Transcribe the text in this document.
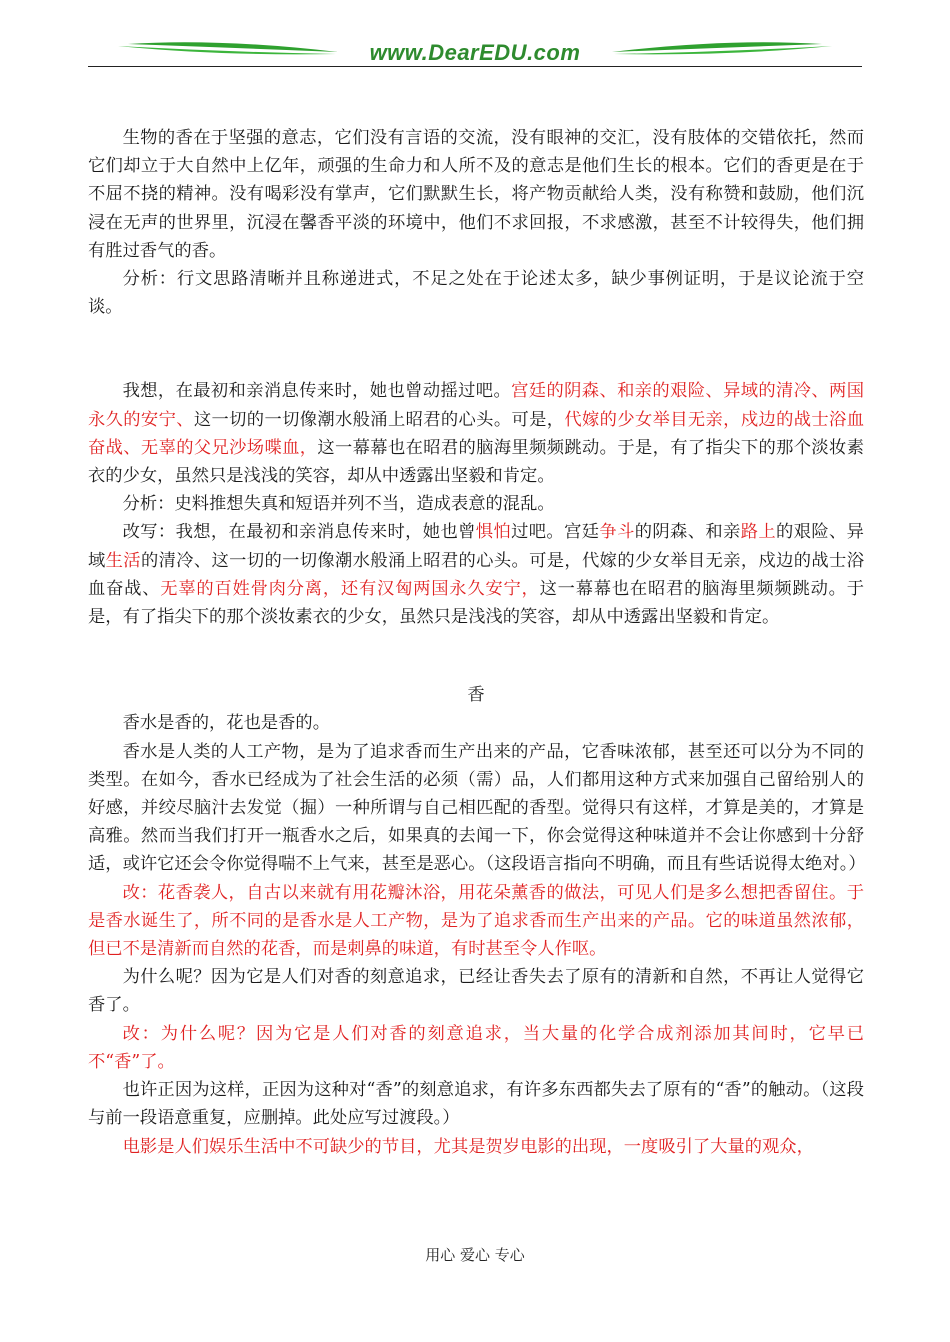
www.DearEDU.com

生物的香在于坚强的意志，它们没有言语的交流，没有眼神的交汇，没有肢体的交错依托，然而它们却立于大自然中上亿年，顽强的生命力和人所不及的意志是他们生长的根本。它们的香更是在于不屈不挠的精神。没有喝彩没有掌声，它们默默生长，将产物贡献给人类，没有称赞和鼓励，他们沉浸在无声的世界里，沉浸在馨香平淡的环境中，他们不求回报，不求感激，甚至不计较得失，他们拥有胜过香气的香。

分析：行文思路清晰并且称递进式，不足之处在于论述太多，缺少事例证明，于是议论流于空谈。

我想，在最初和亲消息传来时，她也曾动摇过吧。宫廷的阴森、和亲的艰险、异域的清冷、两国永久的安宁、这一切的一切像潮水般涌上昭君的心头。可是，代嫁的少女举目无亲，戍边的战士浴血奋战、无辜的父兄沙场喋血，这一幕幕也在昭君的脑海里频频跳动。于是，有了指尖下的那个淡妆素衣的少女，虽然只是浅浅的笑容，却从中透露出坚毅和肯定。

分析：史料推想失真和短语并列不当，造成表意的混乱。

改写：我想，在最初和亲消息传来时，她也曾惧怕过吧。宫廷争斗的阴森、和亲路上的艰险、异域生活的清冷、这一切的一切像潮水般涌上昭君的心头。可是，代嫁的少女举目无亲，戍边的战士浴血奋战、无辜的百姓骨肉分离，还有汉匈两国永久安宁，这一幕幕也在昭君的脑海里频频跳动。于是，有了指尖下的那个淡妆素衣的少女，虽然只是浅浅的笑容，却从中透露出坚毅和肯定。

香

香水是香的，花也是香的。

香水是人类的人工产物，是为了追求香而生产出来的产品，它香味浓郁，甚至还可以分为不同的类型。在如今，香水已经成为了社会生活的必须（需）品，人们都用这种方式来加强自己留给别人的好感，并绞尽脑汁去发觉（掘）一种所谓与自己相匹配的香型。觉得只有这样，才算是美的，才算是高雅。然而当我们打开一瓶香水之后，如果真的去闻一下，你会觉得这种味道并不会让你感到十分舒适，或许它还会令你觉得喘不上气来，甚至是恶心。（这段语言指向不明确，而且有些话说得太绝对。）

改：花香袭人，自古以来就有用花瓣沐浴，用花朵薰香的做法，可见人们是多么想把香留住。于是香水诞生了，所不同的是香水是人工产物，是为了追求香而生产出来的产品。它的味道虽然浓郁，但已不是清新而自然的花香，而是刺鼻的味道，有时甚至令人作呕。

为什么呢？因为它是人们对香的刻意追求，已经让香失去了原有的清新和自然，不再让人觉得它香了。

改：为什么呢？因为它是人们对香的刻意追求，当大量的化学合成剂添加其间时，它早已不“香”了。

也许正因为这样，正因为这种对“香”的刻意追求，有许多东西都失去了原有的“香”的触动。（这段与前一段语意重复，应删掉。此处应写过渡段。）

电影是人们娱乐生活中不可缺少的节目，尤其是贺岁电影的出现，一度吸引了大量的观众，

用心 爱心 专心
